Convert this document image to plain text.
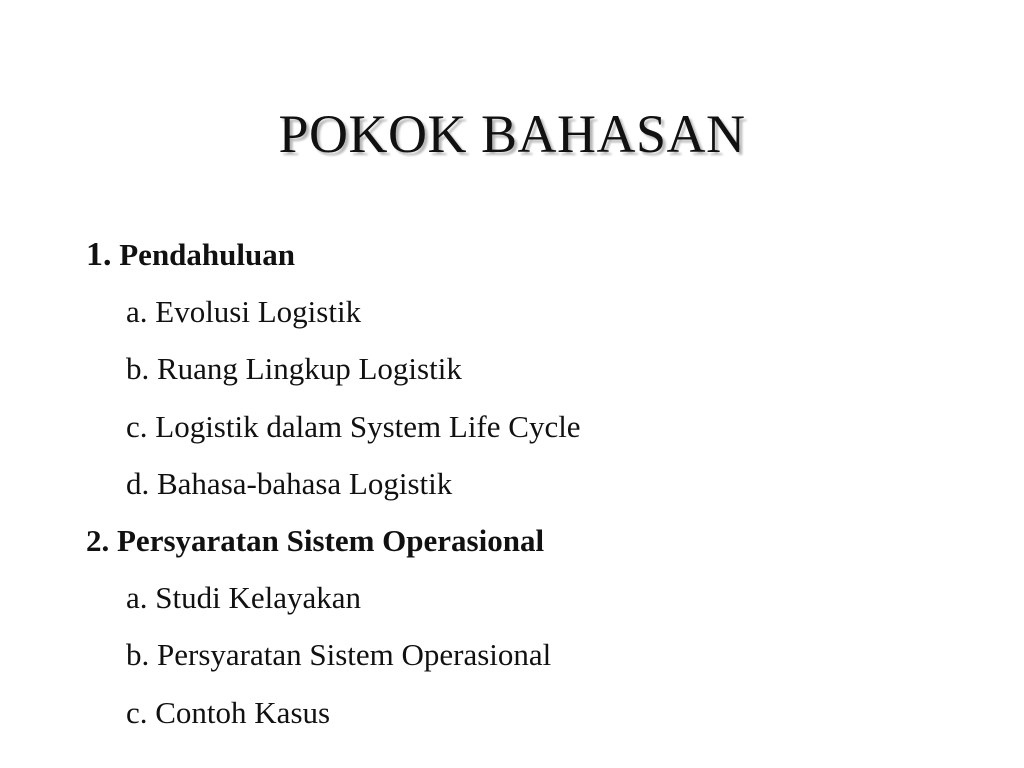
POKOK BAHASAN
1. Pendahuluan
a. Evolusi Logistik
b. Ruang Lingkup Logistik
c. Logistik dalam System Life Cycle
d. Bahasa-bahasa Logistik
2. Persyaratan Sistem Operasional
a. Studi Kelayakan
b. Persyaratan Sistem Operasional
c. Contoh Kasus
